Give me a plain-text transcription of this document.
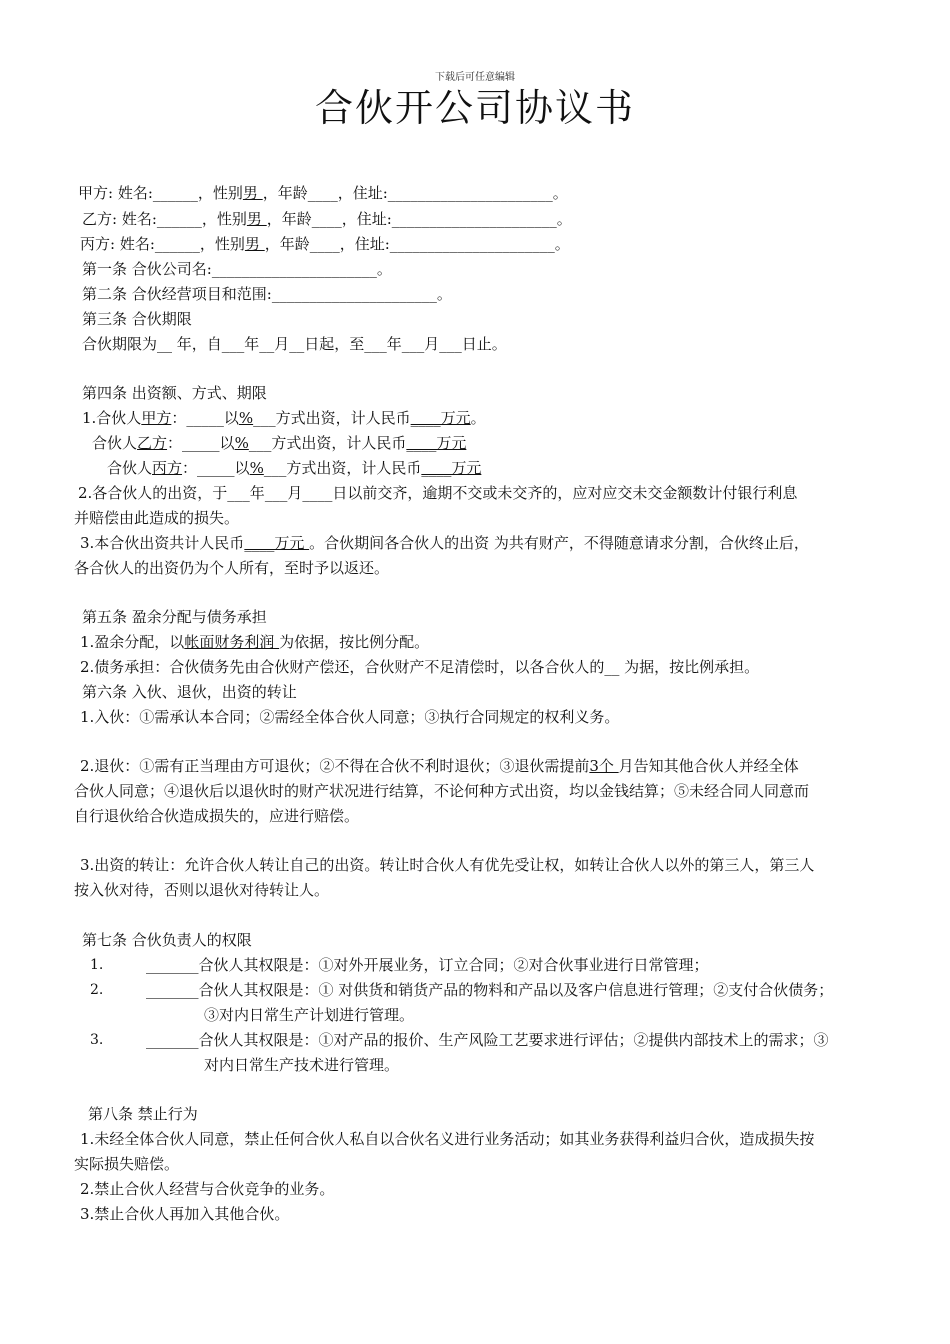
下载后可任意编辑
合伙开公司协议书
甲方: 姓名:______，性别男 ，年龄____，住址:______________________。
乙方: 姓名:______，性别男 ，年龄____，住址:______________________。
丙方: 姓名:______，性别男 ，年龄____，住址:______________________。
第一条 合伙公司名:______________________。
第二条 合伙经营项目和范围:______________________。
第三条 合伙期限
合伙期限为__ 年，自___年__月__日起，至___年___月___日止。
第四条 出资额、方式、期限
1.合伙人甲方：_____以%___方式出资，计人民币____万元。
合伙人乙方：_____以%___方式出资，计人民币____万元
合伙人丙方：_____以%___方式出资，计人民币____万元
2.各合伙人的出资，于___年___月____日以前交齐，逾期不交或未交齐的，应对应交未交金额数计付银行利息
并赔偿由此造成的损失。
3.本合伙出资共计人民币____万元 。合伙期间各合伙人的出资 为共有财产，不得随意请求分割，合伙终止后，
各合伙人的出资仍为个人所有，至时予以返还。
第五条 盈余分配与债务承担
1.盈余分配，以帐面财务利润 为依据，按比例分配。
2.债务承担：合伙债务先由合伙财产偿还，合伙财产不足清偿时，以各合伙人的__ 为据，按比例承担。
第六条 入伙、退伙，出资的转让
1.入伙：①需承认本合同；②需经全体合伙人同意；③执行合同规定的权利义务。
2.退伙：①需有正当理由方可退伙；②不得在合伙不利时退伙；③退伙需提前3个 月告知其他合伙人并经全体
合伙人同意；④退伙后以退伙时的财产状况进行结算，不论何种方式出资，均以金钱结算；⑤未经合同人同意而
自行退伙给合伙造成损失的，应进行赔偿。
3.出资的转让：允许合伙人转让自己的出资。转让时合伙人有优先受让权，如转让合伙人以外的第三人，第三人
按入伙对待，否则以退伙对待转让人。
第七条 合伙负责人的权限
1.	_______合伙人其权限是：①对外开展业务，订立合同；②对合伙事业进行日常管理；
2.	_______合伙人其权限是：① 对供货和销货产品的物料和产品以及客户信息进行管理；②支付合伙债务；
③对内日常生产计划进行管理。
3.	_______合伙人其权限是：①对产品的报价、生产风险工艺要求进行评估；②提供内部技术上的需求；③
对内日常生产技术进行管理。
第八条 禁止行为
1.未经全体合伙人同意，禁止任何合伙人私自以合伙名义进行业务活动；如其业务获得利益归合伙，造成损失按
实际损失赔偿。
2.禁止合伙人经营与合伙竞争的业务。
3.禁止合伙人再加入其他合伙。
